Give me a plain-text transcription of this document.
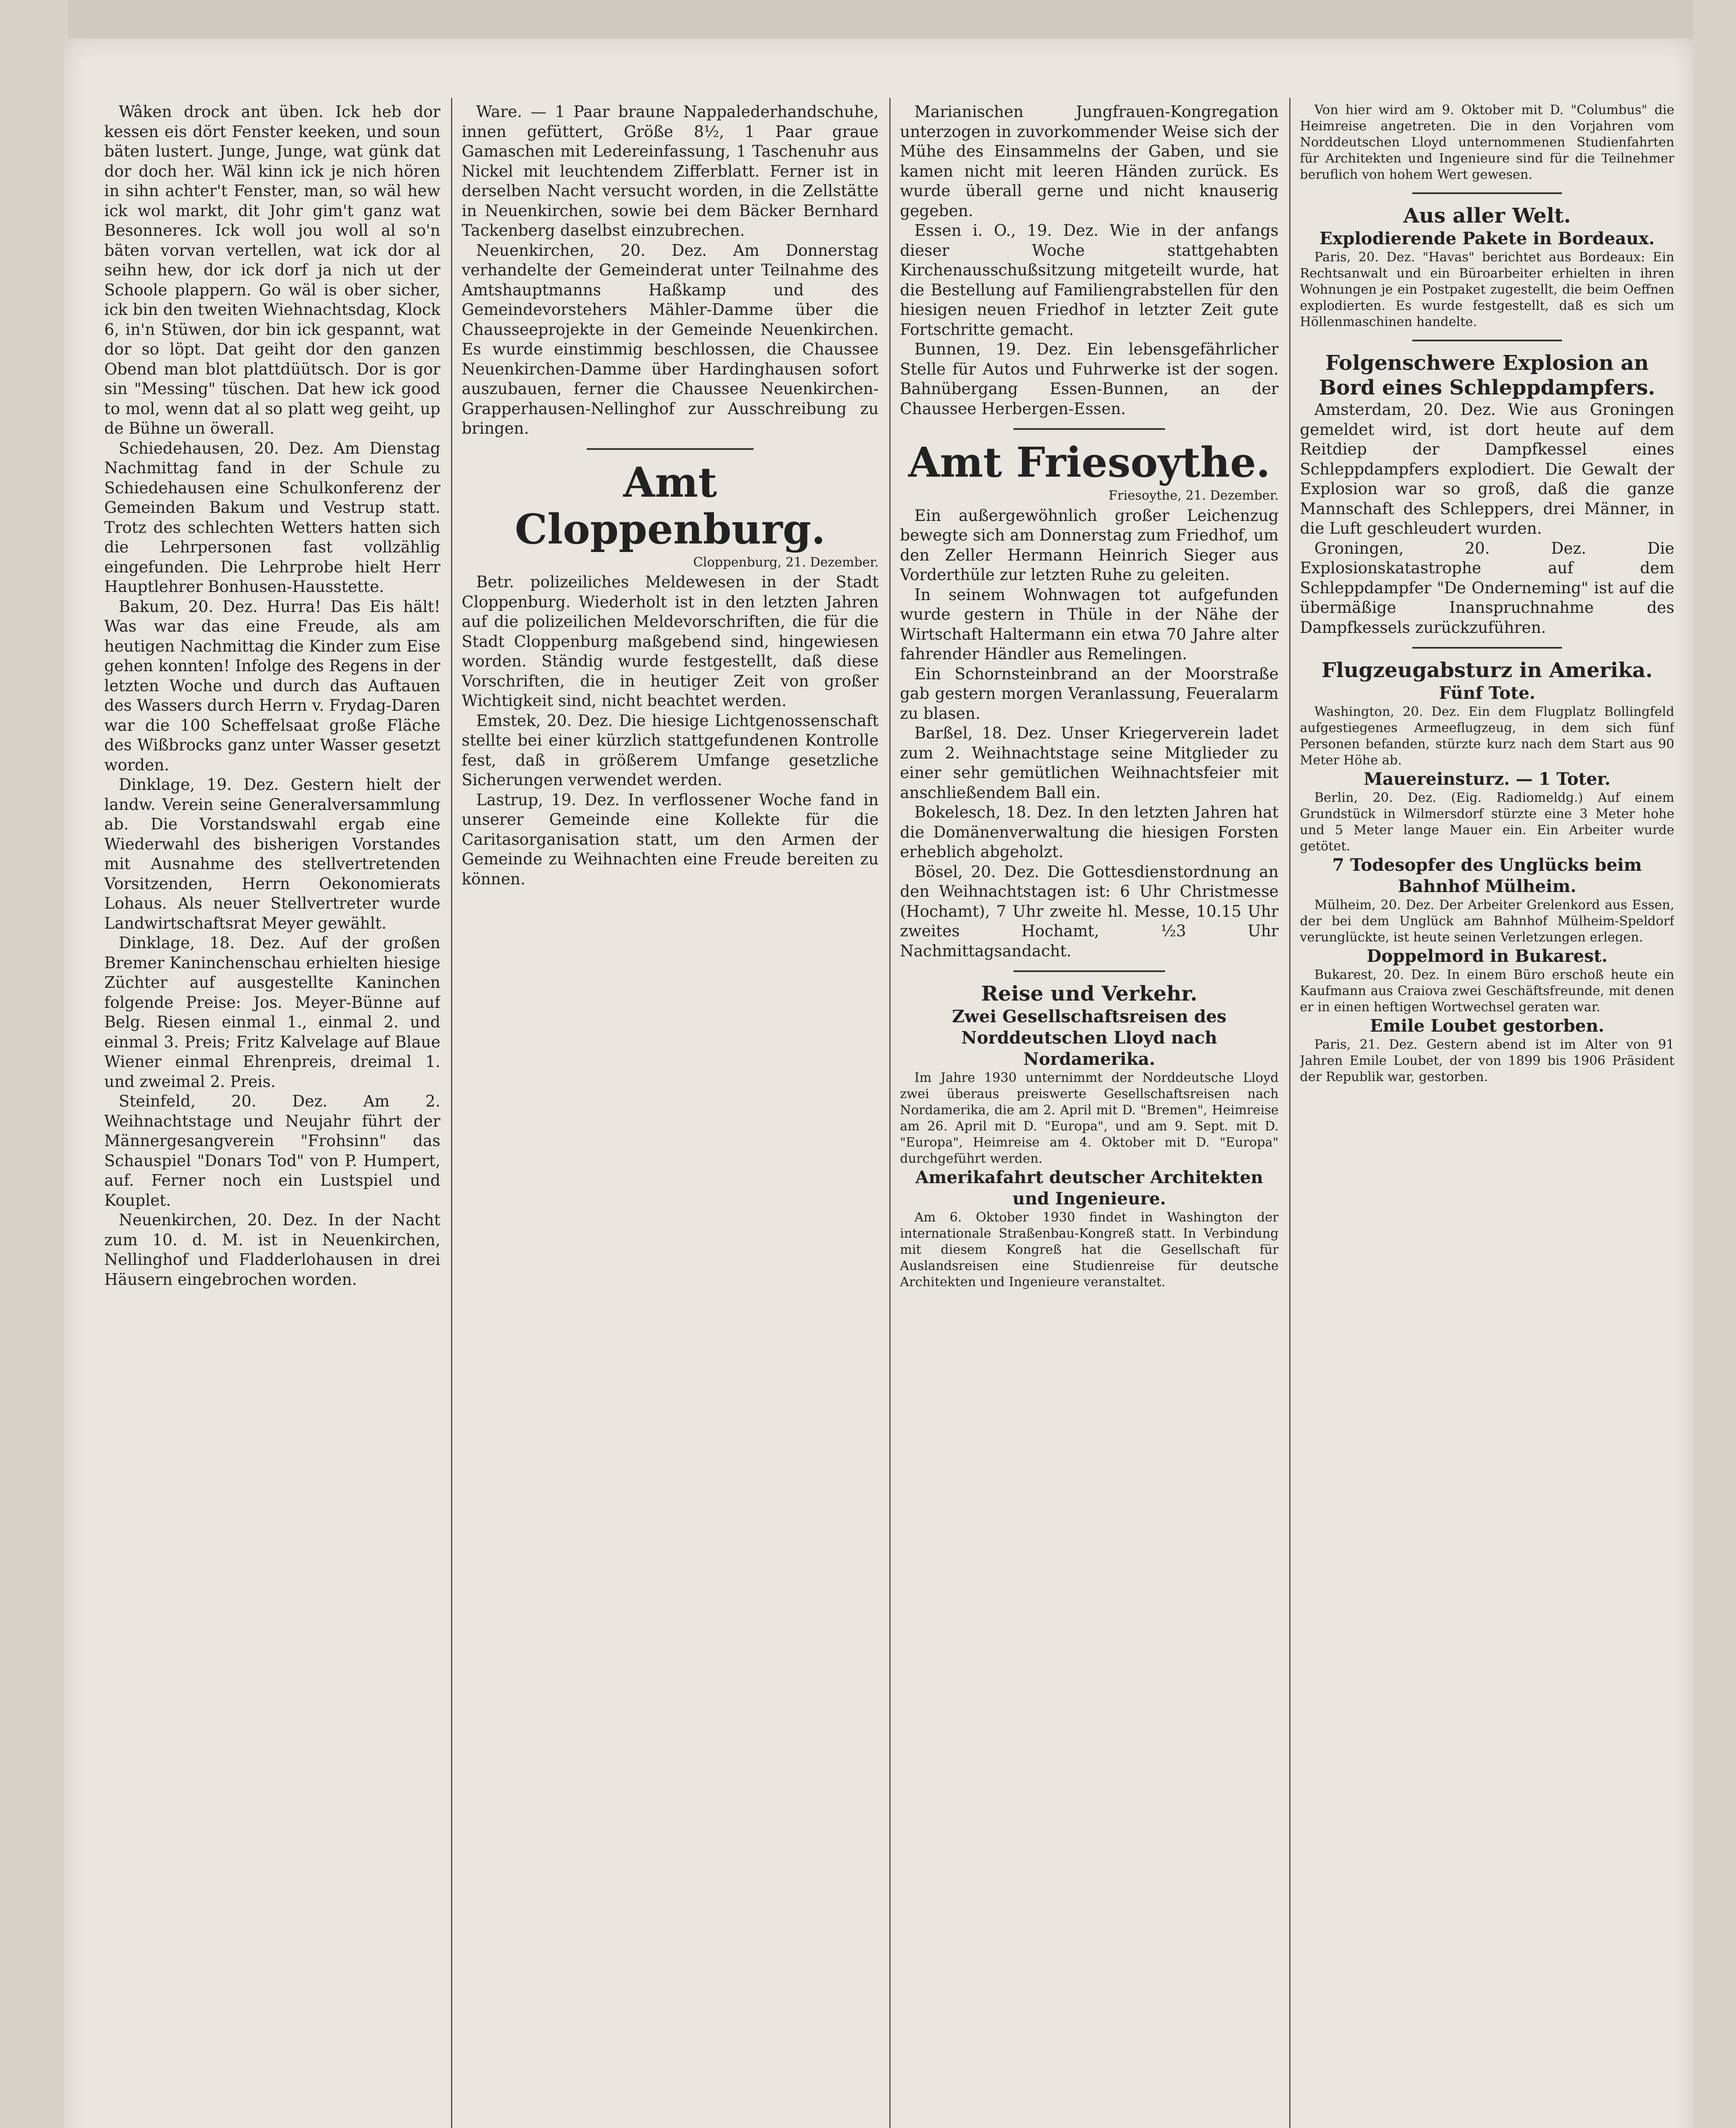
Wâken drock ant üben. Ick heb dor kessen eis dört Fenster keeken, und soun bäten lustert. Junge, Junge, wat günk dat dor doch her. Wäl kinn ick je nich hören in sihn achter't Fenster, man, so wäl hew ick wol markt, dit Johr gim't ganz wat Besonneres. Ick woll jou woll al so'n bäten vorvan vertellen, wat ick dor al seihn hew, dor ick dorf ja nich ut der Schoole plappern. Go wäl is ober sicher, ick bin den tweiten Wiehnachtsdag, Klock 6, in'n Stüwen, dor bin ick gespannt, wat dor so löpt. Dat geiht dor den ganzen Obend man blot plattdüütsch. Dor is gor sin "Messing" tüschen. Dat hew ick good to mol, wenn dat al so platt weg geiht, up de Bühne un öwerall.

Schiedehausen, 20. Dez. Am Dienstag Nachmittag fand in der Schule zu Schiedehausen eine Schulkonferenz der Gemeinden Bakum und Vestrup statt. Trotz des schlechten Wetters hatten sich die Lehrpersonen fast vollzählig eingefunden. Die Lehrprobe hielt Herr Hauptlehrer Bonhusen-Hausstette.

Bakum, 20. Dez. Hurra! Das Eis hält! Was war das eine Freude, als am heutigen Nachmittag die Kinder zum Eise gehen konnten! Infolge des Regens in der letzten Woche und durch das Auftauen des Wassers durch Herrn v. Frydag-Daren war die 100 Scheffelsaat große Fläche des Wißbrocks ganz unter Wasser gesetzt worden.

Dinklage, 19. Dez. Gestern hielt der landw. Verein seine Generalversammlung ab. Die Vorstandswahl ergab eine Wiederwahl des bisherigen Vorstandes mit Ausnahme des stellvertretenden Vorsitzenden, Herrn Oekonomierats Lohaus. Als neuer Stellvertreter wurde Landwirtschaftsrat Meyer gewählt.

Dinklage, 18. Dez. Auf der großen Bremer Kaninchenschau erhielten hiesige Züchter auf ausgestellte Kaninchen folgende Preise: Jos. Meyer-Bünne auf Belg. Riesen einmal 1., einmal 2. und einmal 3. Preis; Fritz Kalvelage auf Blaue Wiener einmal Ehrenpreis, dreimal 1. und zweimal 2. Preis.

Steinfeld, 20. Dez. Am 2. Weihnachtstage und Neujahr führt der Männergesangverein "Frohsinn" das Schauspiel "Donars Tod" von P. Humpert, auf. Ferner noch ein Lustspiel und Kouplet.

Neuenkirchen, 20. Dez. In der Nacht zum 10. d. M. ist in Neuenkirchen, Nellinghof und Fladderlohausen in drei Häusern eingebrochen worden.

Ware. — 1 Paar braune Nappalederhandschuhe, innen gefüttert, Größe 8½, 1 Paar graue Gamaschen mit Ledereinfassung, 1 Taschenuhr aus Nickel mit leuchtendem Zifferblatt. Ferner ist in derselben Nacht versucht worden, in die Zellstätte in Neuenkirchen, sowie bei dem Bäcker Bernhard Tackenberg daselbst einzubrechen.

Neuenkirchen, 20. Dez. Am Donnerstag verhandelte der Gemeinderat unter Teilnahme des Amtshauptmanns Haßkamp und des Gemeindevorstehers Mähler-Damme über die Chausseeprojekte in der Gemeinde Neuenkirchen. Es wurde einstimmig beschlossen, die Chaussee Neuenkirchen-Damme über Hardinghausen sofort auszubauen, ferner die Chaussee Neuenkirchen-Grapperhausen-Nellinghof zur Ausschreibung zu bringen.

Amt Cloppenburg.

Cloppenburg, 21. Dezember.

Betr. polizeiliches Meldewesen in der Stadt Cloppenburg. Wiederholt ist in den letzten Jahren auf die polizeilichen Meldevorschriften, die für die Stadt Cloppenburg maßgebend sind, hingewiesen worden. Ständig wurde festgestellt, daß diese Vorschriften, die in heutiger Zeit von großer Wichtigkeit sind, nicht beachtet werden.

Emstek, 20. Dez. Die hiesige Lichtgenossenschaft stellte bei einer kürzlich stattgefundenen Kontrolle fest, daß in größerem Umfange gesetzliche Sicherungen verwendet werden.

Lastrup, 19. Dez. In verflossener Woche fand in unserer Gemeinde eine Kollekte für die Caritasorganisation statt, um den Armen der Gemeinde zu Weihnachten eine Freude bereiten zu können.

Marianischen Jungfrauen-Kongregation unterzogen in zuvorkommender Weise sich der Mühe des Einsammelns der Gaben, und sie kamen nicht mit leeren Händen zurück. Es wurde überall gerne und nicht knauserig gegeben.

Essen i. O., 19. Dez. Wie in der anfangs dieser Woche stattgehabten Kirchenausschußsitzung mitgeteilt wurde, hat die Bestellung auf Familiengrabstellen für den hiesigen neuen Friedhof in letzter Zeit gute Fortschritte gemacht.

Bunnen, 19. Dez. Ein lebensgefährlicher Stelle für Autos und Fuhrwerke ist der sogen. Bahnübergang Essen-Bunnen, an der Chaussee Herbergen-Essen.

Amt Friesoythe.

Friesoythe, 21. Dezember.

Ein außergewöhnlich großer Leichenzug bewegte sich am Donnerstag zum Friedhof, um den Zeller Hermann Heinrich Sieger aus Vorderthüle zur letzten Ruhe zu geleiten.

In seinem Wohnwagen tot aufgefunden wurde gestern in Thüle in der Nähe der Wirtschaft Haltermann ein etwa 70 Jahre alter fahrender Händler aus Remelingen.

Ein Schornsteinbrand an der Moorstraße gab gestern morgen Veranlassung, Feueralarm zu blasen.

Barßel, 18. Dez. Unser Kriegerverein ladet zum 2. Weihnachtstage seine Mitglieder zu einer sehr gemütlichen Weihnachtsfeier mit anschließendem Ball ein.

Bokelesch, 18. Dez. In den letzten Jahren hat die Domänenverwaltung die hiesigen Forsten erheblich abgeholzt.

Bösel, 20. Dez. Die Gottesdienstordnung an den Weihnachtstagen ist: 6 Uhr Christmesse (Hochamt), 7 Uhr zweite hl. Messe, 10.15 Uhr zweites Hochamt, ½3 Uhr Nachmittagsandacht.

Reise und Verkehr.

Zwei Gesellschaftsreisen des Norddeutschen Lloyd nach Nordamerika.

Im Jahre 1930 unternimmt der Norddeutsche Lloyd zwei überaus preiswerte Gesellschaftsreisen nach Nordamerika, die am 2. April mit D. "Bremen", Heimreise am 26. April mit D. "Europa", und am 9. Sept. mit D. "Europa", Heimreise am 4. Oktober mit D. "Europa" durchgeführt werden.

Amerikafahrt deutscher Architekten und Ingenieure.

Am 6. Oktober 1930 findet in Washington der internationale Straßenbau-Kongreß statt. In Verbindung mit diesem Kongreß hat die Gesellschaft für Auslandsreisen eine Studienreise für deutsche Architekten und Ingenieure veranstaltet.

Von hier wird am 9. Oktober mit D. "Columbus" die Heimreise angetreten. Die in den Vorjahren vom Norddeutschen Lloyd unternommenen Studienfahrten für Architekten und Ingenieure sind für die Teilnehmer beruflich von hohem Wert gewesen.

Aus aller Welt.

Explodierende Pakete in Bordeaux.

Paris, 20. Dez. "Havas" berichtet aus Bordeaux: Ein Rechtsanwalt und ein Büroarbeiter erhielten in ihren Wohnungen je ein Postpaket zugestellt, die beim Oeffnen explodierten. Es wurde festgestellt, daß es sich um Höllenmaschinen handelte.

Folgenschwere Explosion an Bord eines Schleppdampfers.

Amsterdam, 20. Dez. Wie aus Groningen gemeldet wird, ist dort heute auf dem Reitdiep der Dampfkessel eines Schleppdampfers explodiert. Die Gewalt der Explosion war so groß, daß die ganze Mannschaft des Schleppers, drei Männer, in die Luft geschleudert wurden.

Groningen, 20. Dez. Die Explosionskatastrophe auf dem Schleppdampfer "De Onderneming" ist auf die übermäßige Inanspruchnahme des Dampfkessels zurückzuführen.

Flugzeugabsturz in Amerika.

Fünf Tote.

Washington, 20. Dez. Ein dem Flugplatz Bollingfeld aufgestiegenes Armeeflugzeug, in dem sich fünf Personen befanden, stürzte kurz nach dem Start aus 90 Meter Höhe ab.

Mauereinsturz. — 1 Toter.

Berlin, 20. Dez. (Eig. Radiomeldg.) Auf einem Grundstück in Wilmersdorf stürzte eine 3 Meter hohe und 5 Meter lange Mauer ein. Ein Arbeiter wurde getötet.

7 Todesopfer des Unglücks beim Bahnhof Mülheim.

Mülheim, 20. Dez. Der Arbeiter Grelenkord aus Essen, der bei dem Unglück am Bahnhof Mülheim-Speldorf verunglückte, ist heute seinen Verletzungen erlegen.

Doppelmord in Bukarest.

Bukarest, 20. Dez. In einem Büro erschoß heute ein Kaufmann aus Craiova zwei Geschäftsfreunde, mit denen er in einen heftigen Wortwechsel geraten war.

Emile Loubet gestorben.

Paris, 21. Dez. Gestern abend ist im Alter von 91 Jahren Emile Loubet, der von 1899 bis 1906 Präsident der Republik war, gestorben.
